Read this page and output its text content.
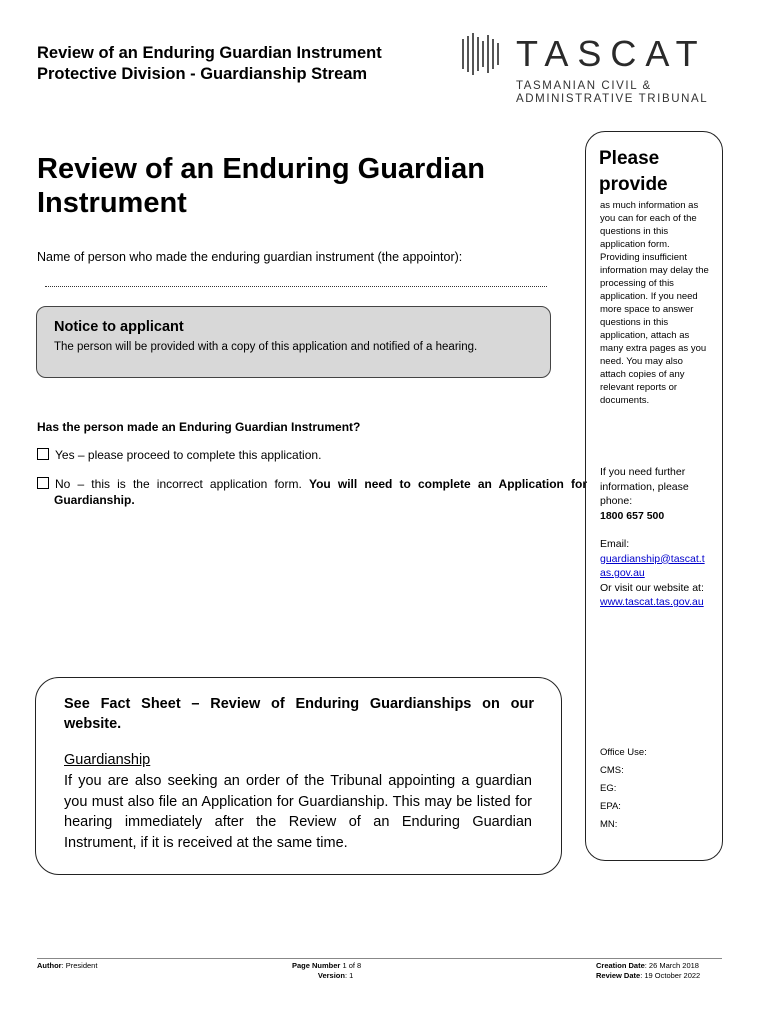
Review of an Enduring Guardian Instrument
Protective Division - Guardianship Stream	TASCAT
TASMANIAN CIVIL &
ADMINISTRATIVE TRIBUNAL
Review of an Enduring Guardian Instrument
Name of person who made the enduring guardian instrument (the appointor):
Notice to applicant
The person will be provided with a copy of this application and notified of a hearing.
Has the person made an Enduring Guardian Instrument?
Yes – please proceed to complete this application.
No – this is the incorrect application form. You will need to complete an Application for Guardianship.
See Fact Sheet – Review of Enduring Guardianships on our website.
Guardianship
If you are also seeking an order of the Tribunal appointing a guardian you must also file an Application for Guardianship. This may be listed for hearing immediately after the Review of an Enduring Guardian Instrument, if it is received at the same time.
Please
provide
as much information as you can for each of the questions in this application form. Providing insufficient information may delay the processing of this application. If you need more space to answer questions in this application, attach as many extra pages as you need. You may also attach copies of any relevant reports or documents.
If you need further information, please phone:
1800 657 500
Email:
guardianship@tascat.tas.gov.au
Or visit our website at:
www.tascat.tas.gov.au
Office Use:
CMS:
EG:
EPA:
MN:
Author: President	Page Number 1 of 8
Version: 1
Creation Date: 26 March 2018
Review Date: 19 October 2022
